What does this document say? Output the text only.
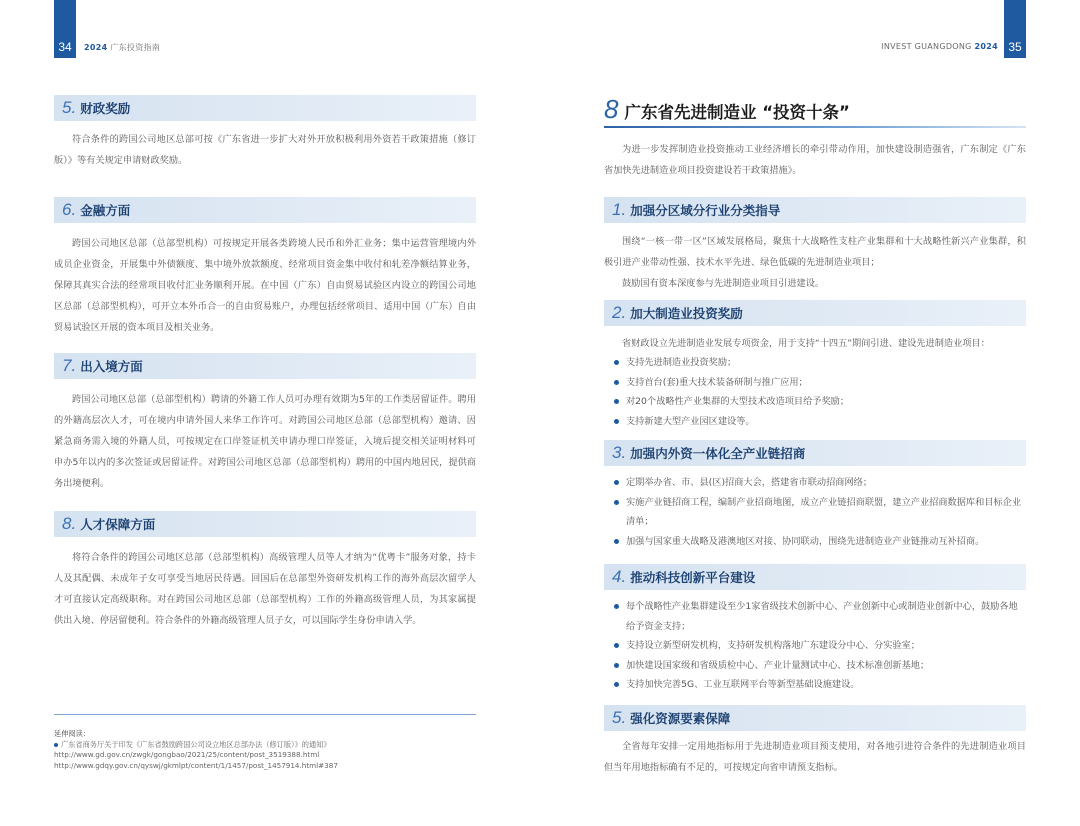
34	2024 广东投资指南	35
INVEST GUANGDONG 2024
5. 财政奖励
符合条件的跨国公司地区总部可按《广东省进一步扩大对外开放积极利用外资若干政策措施（修订版）》等有关规定申请财政奖励。
6. 金融方面
跨国公司地区总部（总部型机构）可按规定开展各类跨境人民币和外汇业务；集中运营管理境内外成员企业资金，开展集中外债额度、集中境外放款额度、经常项目资金集中收付和轧差净额结算业务，保障其真实合法的经常项目收付汇业务顺利开展。在中国（广东）自由贸易试验区内设立的跨国公司地区总部（总部型机构），可开立本外币合一的自由贸易账户，办理包括经常项目、适用中国（广东）自由贸易试验区开展的资本项目及相关业务。
7. 出入境方面
跨国公司地区总部（总部型机构）聘请的外籍工作人员可办理有效期为5年的工作类居留证件。聘用的外籍高层次人才，可在境内申请外国人来华工作许可。对跨国公司地区总部（总部型机构）邀请、因紧急商务需入境的外籍人员，可按规定在口岸签证机关申请办理口岸签证，入境后提交相关证明材料可申办5年以内的多次签证或居留证件。对跨国公司地区总部（总部型机构）聘用的中国内地居民，提供商务出境便利。
8. 人才保障方面
将符合条件的跨国公司地区总部（总部型机构）高级管理人员等人才纳为“优粤卡”服务对象，持卡人及其配偶、未成年子女可享受当地居民待遇。回国后在总部型外资研发机构工作的海外高层次留学人才可直接认定高级职称。对在跨国公司地区总部（总部型机构）工作的外籍高级管理人员，为其家属提供出入境、停居留便利。符合条件的外籍高级管理人员子女，可以国际学生身份申请入学。
延伸阅读：
广东省商务厅关于印发《广东省鼓励跨国公司设立地区总部办法（修订版）》的通知》
http://www.gd.gov.cn/zwgk/gongbao/2021/25/content/post_3519388.html
http://www.gdqy.gov.cn/qyswj/gkmlpt/content/1/1457/post_1457914.html#387
8 广东省先进制造业 “投资十条”
为进一步发挥制造业投资推动工业经济增长的牵引带动作用，加快建设制造强省，广东制定《广东省加快先进制造业项目投资建设若干政策措施》。
1. 加强分区域分行业分类指导
围绕“一核一带一区”区域发展格局，聚焦十大战略性支柱产业集群和十大战略性新兴产业集群，积极引进产业带动性强、技术水平先进、绿色低碳的先进制造业项目；
鼓励国有资本深度参与先进制造业项目引进建设。
2. 加大制造业投资奖励
省财政设立先进制造业发展专项资金，用于支持“十四五”期间引进、建设先进制造业项目：
支持先进制造业投资奖励；
支持首台(套)重大技术装备研制与推广应用；
对20个战略性产业集群的大型技术改造项目给予奖励；
支持新建大型产业园区建设等。
3. 加强内外资一体化全产业链招商
定期举办省、市、县(区)招商大会，搭建省市联动招商网络；
实施产业链招商工程，编制产业招商地图，成立产业链招商联盟，建立产业招商数据库和目标企业清单；
加强与国家重大战略及港澳地区对接、协同联动，围绕先进制造业产业链推动互补招商。
4. 推动科技创新平台建设
每个战略性产业集群建设至少1家省级技术创新中心、产业创新中心或制造业创新中心，鼓励各地给予资金支持；
支持设立新型研发机构，支持研发机构落地广东建设分中心、分实验室；
加快建设国家级和省级质检中心、产业计量测试中心、技术标准创新基地；
支持加快完善5G、工业互联网平台等新型基础设施建设。
5. 强化资源要素保障
全省每年安排一定用地指标用于先进制造业项目预支使用，对各地引进符合条件的先进制造业项目但当年用地指标确有不足的，可按规定向省申请预支指标。
